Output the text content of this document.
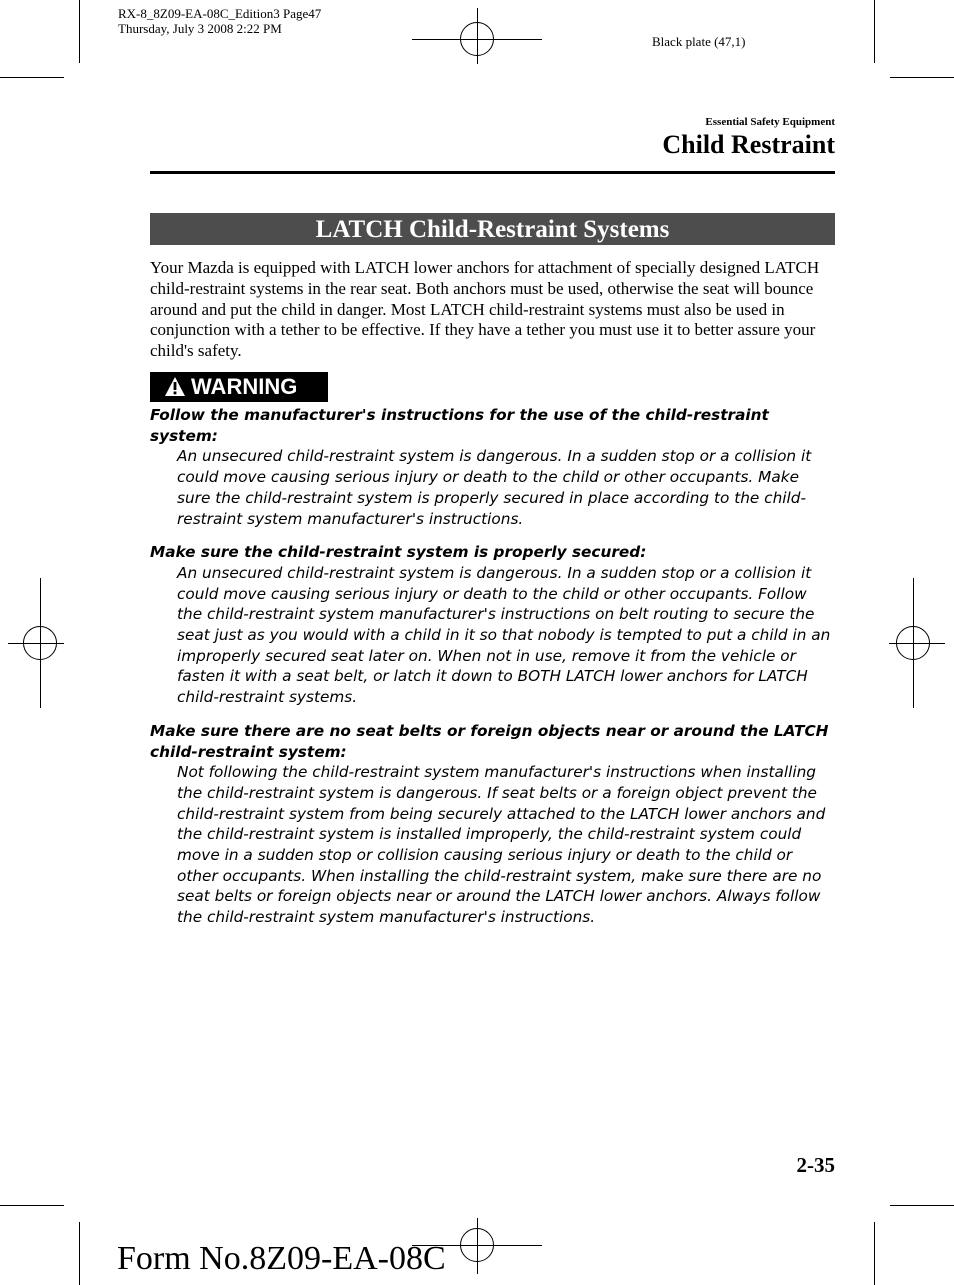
RX-8_8Z09-EA-08C_Edition3 Page47
Thursday, July 3 2008 2:22 PM
Black plate (47,1)
Essential Safety Equipment
Child Restraint
LATCH Child-Restraint Systems
Your Mazda is equipped with LATCH lower anchors for attachment of specially designed LATCH child-restraint systems in the rear seat. Both anchors must be used, otherwise the seat will bounce around and put the child in danger. Most LATCH child-restraint systems must also be used in conjunction with a tether to be effective. If they have a tether you must use it to better assure your child's safety.
WARNING
Follow the manufacturer's instructions for the use of the child-restraint system:
An unsecured child-restraint system is dangerous. In a sudden stop or a collision it could move causing serious injury or death to the child or other occupants. Make sure the child-restraint system is properly secured in place according to the child-restraint system manufacturer's instructions.
Make sure the child-restraint system is properly secured:
An unsecured child-restraint system is dangerous. In a sudden stop or a collision it could move causing serious injury or death to the child or other occupants. Follow the child-restraint system manufacturer's instructions on belt routing to secure the seat just as you would with a child in it so that nobody is tempted to put a child in an improperly secured seat later on. When not in use, remove it from the vehicle or fasten it with a seat belt, or latch it down to BOTH LATCH lower anchors for LATCH child-restraint systems.
Make sure there are no seat belts or foreign objects near or around the LATCH child-restraint system:
Not following the child-restraint system manufacturer's instructions when installing the child-restraint system is dangerous. If seat belts or a foreign object prevent the child-restraint system from being securely attached to the LATCH lower anchors and the child-restraint system is installed improperly, the child-restraint system could move in a sudden stop or collision causing serious injury or death to the child or other occupants. When installing the child-restraint system, make sure there are no seat belts or foreign objects near or around the LATCH lower anchors. Always follow the child-restraint system manufacturer's instructions.
2-35
Form No.8Z09-EA-08C
